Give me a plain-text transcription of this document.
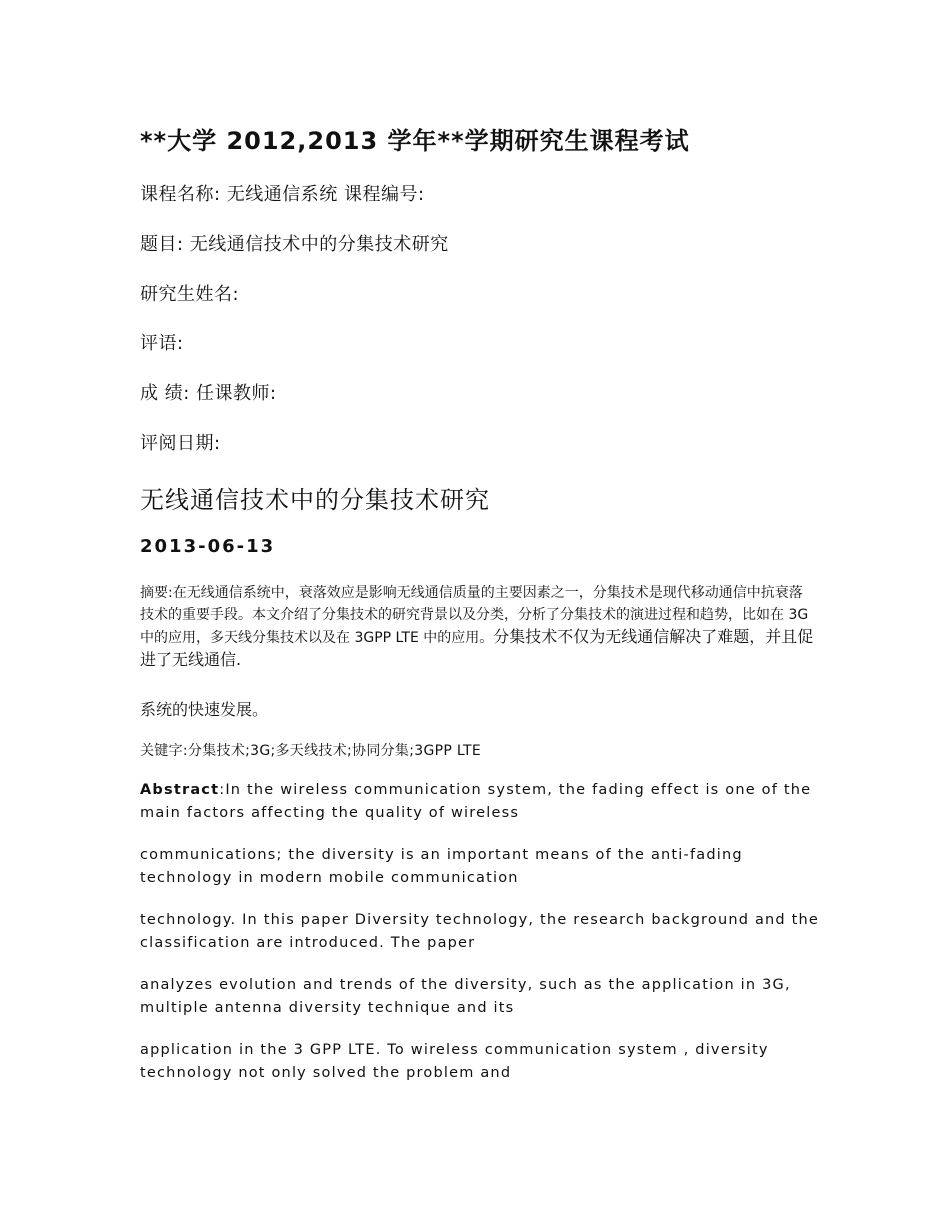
**大学 2012,2013 学年**学期研究生课程考试
课程名称: 无线通信系统 课程编号:
题目: 无线通信技术中的分集技术研究
研究生姓名:
评语:
成 绩: 任课教师:
评阅日期:
无线通信技术中的分集技术研究
2013-06-13
摘要:在无线通信系统中，衰落效应是影响无线通信质量的主要因素之一，分集技术是现代移动通信中抗衰落技术的重要手段。本文介绍了分集技术的研究背景以及分类，分析了分集技术的演进过程和趋势，比如在 3G 中的应用，多天线分集技术以及在 3GPP LTE 中的应用。分集技术不仅为无线通信解决了难题，并且促进了无线通信.
系统的快速发展。
关键字:分集技术;3G;多天线技术;协同分集;3GPP LTE
Abstract:In the wireless communication system, the fading effect is one of the main factors affecting the quality of wireless
communications; the diversity is an important means of the anti-fading technology in modern mobile communication
technology. In this paper Diversity technology, the research background and the classification are introduced. The paper
analyzes evolution and trends of the diversity, such as the application in 3G, multiple antenna diversity technique and its
application in the 3 GPP LTE. To wireless communication system , diversity technology not only solved the problem and
